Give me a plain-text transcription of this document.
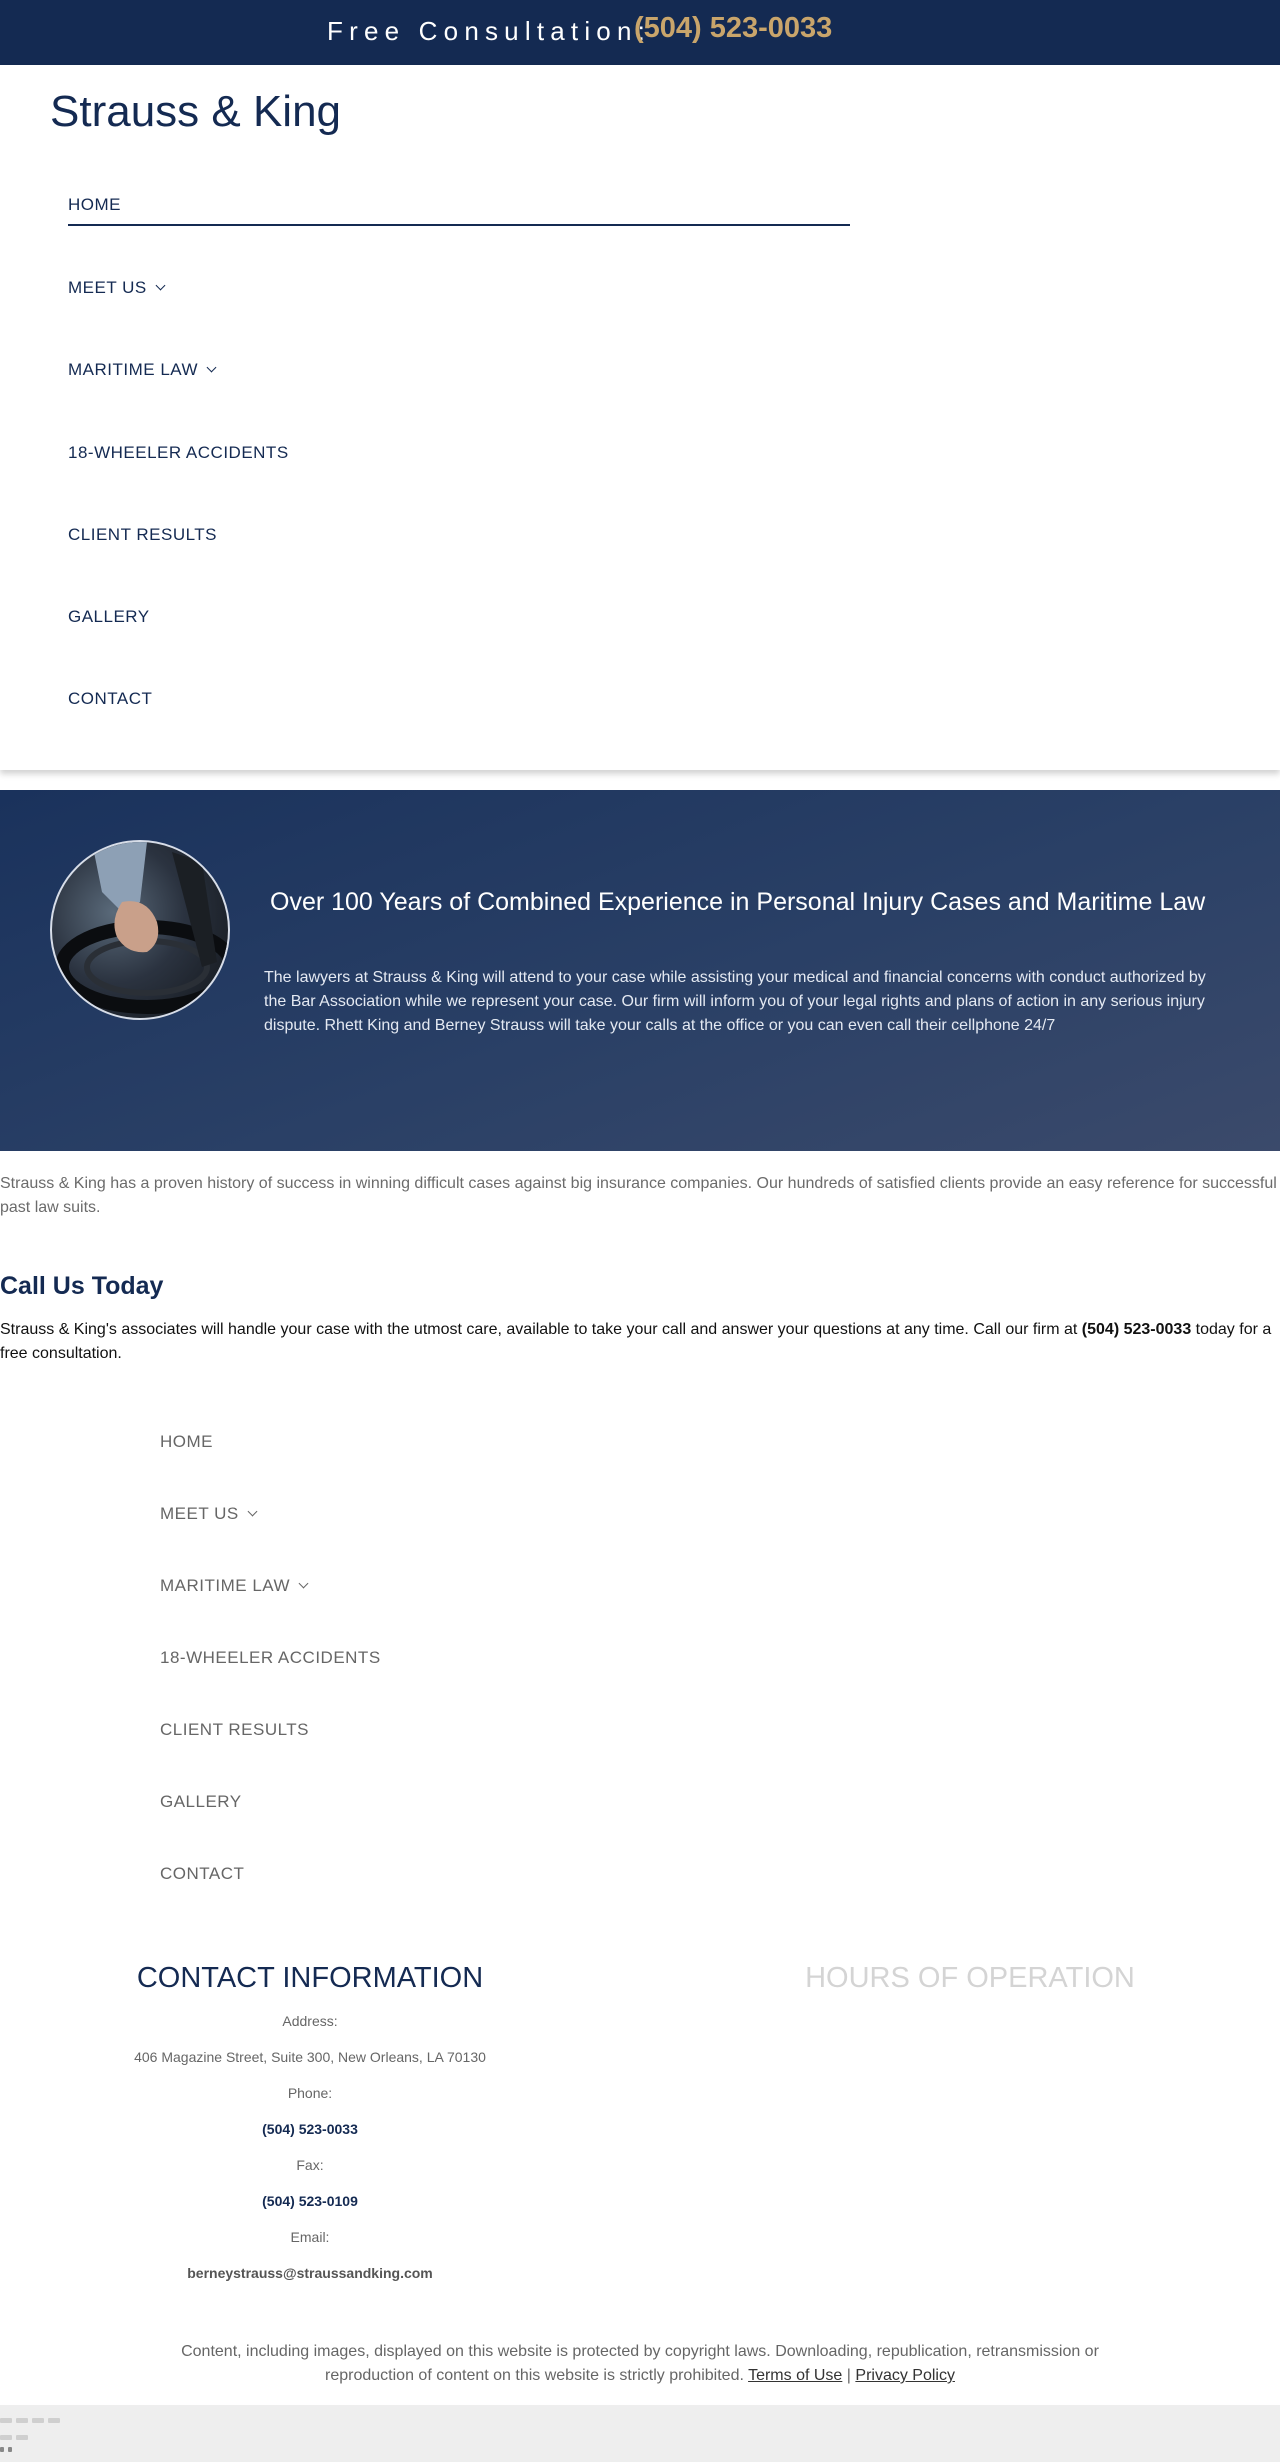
Free Consultation:
(504) 523-0033
Strauss & King
HOME
MEET US
MARITIME LAW
18-WHEELER ACCIDENTS
CLIENT RESULTS
GALLERY
CONTACT
Over 100 Years of Combined Experience in Personal Injury Cases and Maritime Law
The lawyers at Strauss & King will attend to your case while assisting your medical and financial concerns with conduct authorized by the Bar Association while we represent your case. Our firm will inform you of your legal rights and plans of action in any serious injury dispute. Rhett King and Berney Strauss will take your calls at the office or you can even call their cellphone 24/7
Strauss & King has a proven history of success in winning difficult cases against big insurance companies. Our hundreds of satisfied clients provide an easy reference for successful past law suits.
Call Us Today
Strauss & King's associates will handle your case with the utmost care, available to take your call and answer your questions at any time. Call our firm at (504) 523-0033 today for a free consultation.
HOME
MEET US
MARITIME LAW
18-WHEELER ACCIDENTS
CLIENT RESULTS
GALLERY
CONTACT
CONTACT INFORMATION	HOURS OF OPERATION
Address:
406 Magazine Street, Suite 300, New Orleans, LA 70130
Phone:
(504) 523-0033
Fax:
(504) 523-0109
Email:
berneystrauss@straussandking.com
Content, including images, displayed on this website is protected by copyright laws. Downloading, republication, retransmission or reproduction of content on this website is strictly prohibited. Terms of Use | Privacy Policy
